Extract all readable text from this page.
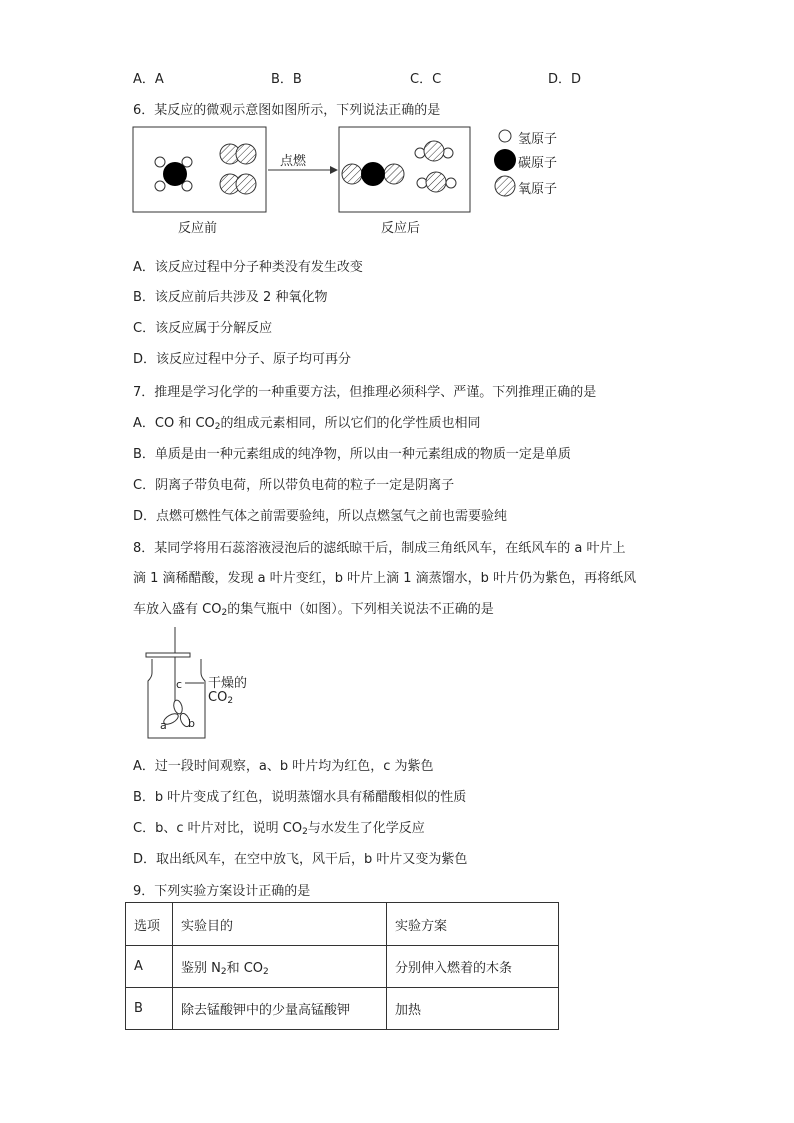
A．A	B．B	C．C	D．D
6．某反应的微观示意图如图所示，下列说法正确的是
点燃
氢原子
碳原子
氧原子
反应前	反应后
A．该反应过程中分子种类没有发生改变
B．该反应前后共涉及 2 种氧化物
C．该反应属于分解反应
D．该反应过程中分子、原子均可再分
7．推理是学习化学的一种重要方法，但推理必须科学、严谨。下列推理正确的是
A．CO 和 $CO_2$的组成元素相同，所以它们的化学性质也相同
B．单质是由一种元素组成的纯净物，所以由一种元素组成的物质一定是单质
C．阴离子带负电荷，所以带负电荷的粒子一定是阴离子
D．点燃可燃性气体之前需要验纯，所以点燃氢气之前也需要验纯
8．某同学将用石蕊溶液浸泡后的滤纸晾干后，制成三角纸风车，在纸风车的 a 叶片上
滴 1 滴稀醋酸，发现 a 叶片变红，b 叶片上滴 1 滴蒸馏水，b 叶片仍为紫色，再将纸风
车放入盛有 $CO_2$的集气瓶中（如图）。下列相关说法不正确的是
c
a b
干燥的
$CO_2$
A．过一段时间观察，a、b 叶片均为红色，c 为紫色
B．b 叶片变成了红色，说明蒸馏水具有稀醋酸相似的性质
C．b、c 叶片对比，说明 $CO_2$与水发生了化学反应
D．取出纸风车，在空中放飞，风干后，b 叶片又变为紫色
9．下列实验方案设计正确的是
选项	实验目的	实验方案
A	鉴别 $N_2$和 $CO_2$	分别伸入燃着的木条
B	除去锰酸钾中的少量高锰酸钾	加热
